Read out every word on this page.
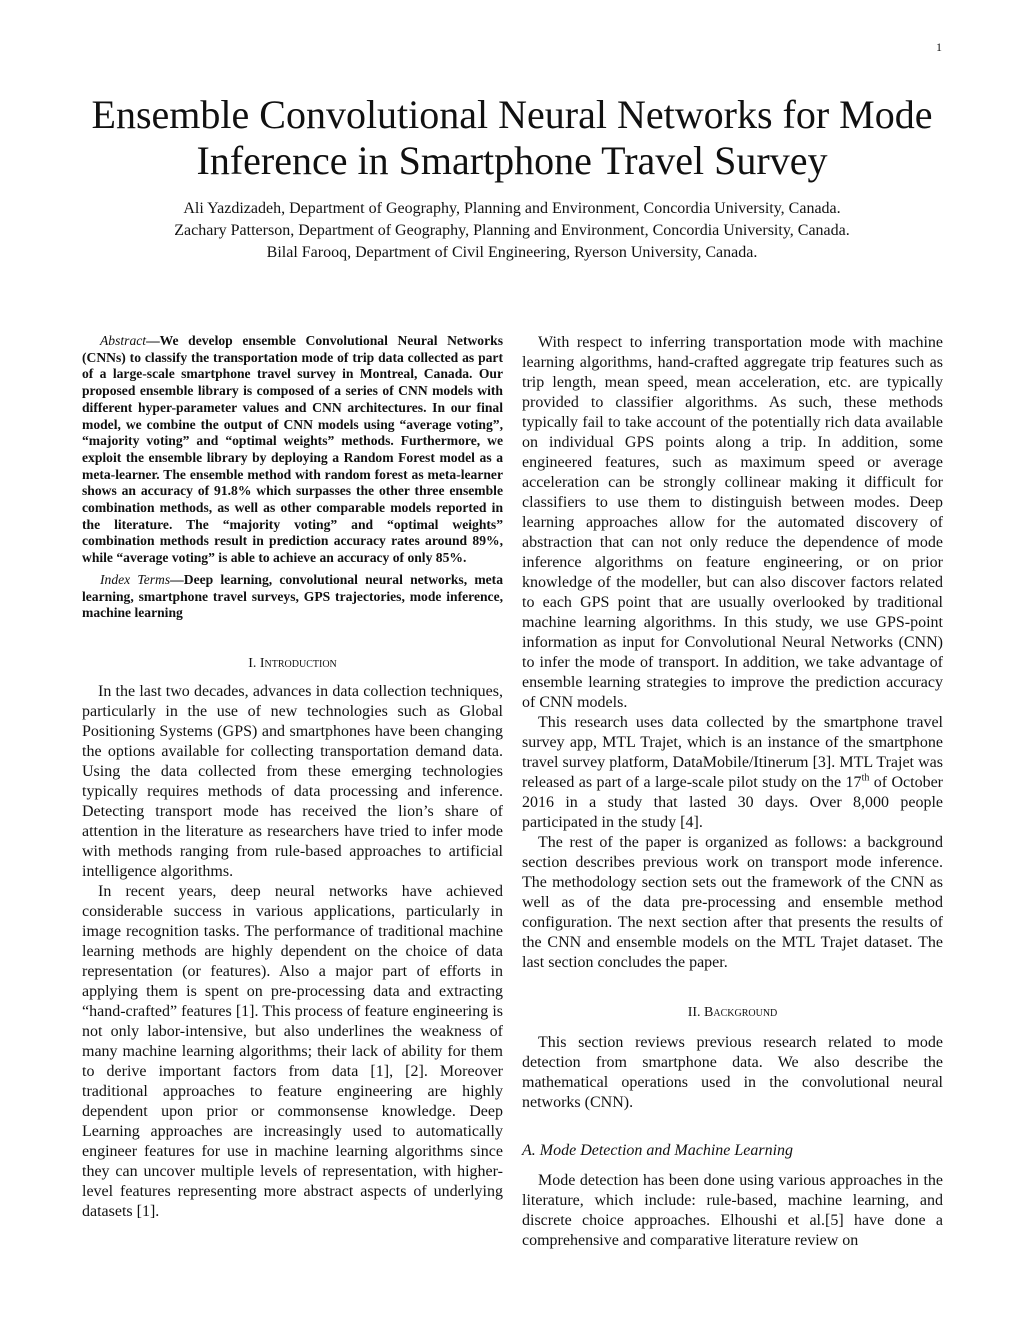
1
Ensemble Convolutional Neural Networks for Mode Inference in Smartphone Travel Survey
Ali Yazdizadeh, Department of Geography, Planning and Environment, Concordia University, Canada.
Zachary Patterson, Department of Geography, Planning and Environment, Concordia University, Canada.
Bilal Farooq, Department of Civil Engineering, Ryerson University, Canada.

Abstract—We develop ensemble Convolutional Neural Networks (CNNs) to classify the transportation mode of trip data collected as part of a large-scale smartphone travel survey in Montreal, Canada. Our proposed ensemble library is composed of a series of CNN models with different hyper-parameter values and CNN architectures. In our final model, we combine the output of CNN models using “average voting”, “majority voting” and “optimal weights” methods. Furthermore, we exploit the ensemble library by deploying a Random Forest model as a meta-learner. The ensemble method with random forest as meta-learner shows an accuracy of 91.8% which surpasses the other three ensemble combination methods, as well as other comparable models reported in the literature. The “majority voting” and “optimal weights” combination methods result in prediction accuracy rates around 89%, while “average voting” is able to achieve an accuracy of only 85%.

Index Terms—Deep learning, convolutional neural networks, meta learning, smartphone travel surveys, GPS trajectories, mode inference, machine learning

I. Introduction

In the last two decades, advances in data collection techniques, particularly in the use of new technologies such as Global Positioning Systems (GPS) and smartphones have been changing the options available for collecting transportation demand data. Using the data collected from these emerging technologies typically requires methods of data processing and inference. Detecting transport mode has received the lion’s share of attention in the literature as researchers have tried to infer mode with methods ranging from rule-based approaches to artificial intelligence algorithms.

In recent years, deep neural networks have achieved considerable success in various applications, particularly in image recognition tasks. The performance of traditional machine learning methods are highly dependent on the choice of data representation (or features). Also a major part of efforts in applying them is spent on pre-processing data and extracting “hand-crafted” features [1]. This process of feature engineering is not only labor-intensive, but also underlines the weakness of many machine learning algorithms; their lack of ability for them to derive important factors from data [1], [2]. Moreover traditional approaches to feature engineering are highly dependent upon prior or commonsense knowledge. Deep Learning approaches are increasingly used to automatically engineer features for use in machine learning algorithms since they can uncover multiple levels of representation, with higher-level features representing more abstract aspects of underlying datasets [1].

With respect to inferring transportation mode with machine learning algorithms, hand-crafted aggregate trip features such as trip length, mean speed, mean acceleration, etc. are typically provided to classifier algorithms. As such, these methods typically fail to take account of the potentially rich data available on individual GPS points along a trip. In addition, some engineered features, such as maximum speed or average acceleration can be strongly collinear making it difficult for classifiers to use them to distinguish between modes. Deep learning approaches allow for the automated discovery of abstraction that can not only reduce the dependence of mode inference algorithms on feature engineering, or on prior knowledge of the modeller, but can also discover factors related to each GPS point that are usually overlooked by traditional machine learning algorithms. In this study, we use GPS-point information as input for Convolutional Neural Networks (CNN) to infer the mode of transport. In addition, we take advantage of ensemble learning strategies to improve the prediction accuracy of CNN models.

This research uses data collected by the smartphone travel survey app, MTL Trajet, which is an instance of the smartphone travel survey platform, DataMobile/Itinerum [3]. MTL Trajet was released as part of a large-scale pilot study on the 17th of October 2016 in a study that lasted 30 days. Over 8,000 people participated in the study [4].

The rest of the paper is organized as follows: a background section describes previous work on transport mode inference. The methodology section sets out the framework of the CNN as well as of the data pre-processing and ensemble method configuration. The next section after that presents the results of the CNN and ensemble models on the MTL Trajet dataset. The last section concludes the paper.

II. Background

This section reviews previous research related to mode detection from smartphone data. We also describe the mathematical operations used in the convolutional neural networks (CNN).

A. Mode Detection and Machine Learning

Mode detection has been done using various approaches in the literature, which include: rule-based, machine learning, and discrete choice approaches. Elhoushi et al.[5] have done a comprehensive and comparative literature review on
